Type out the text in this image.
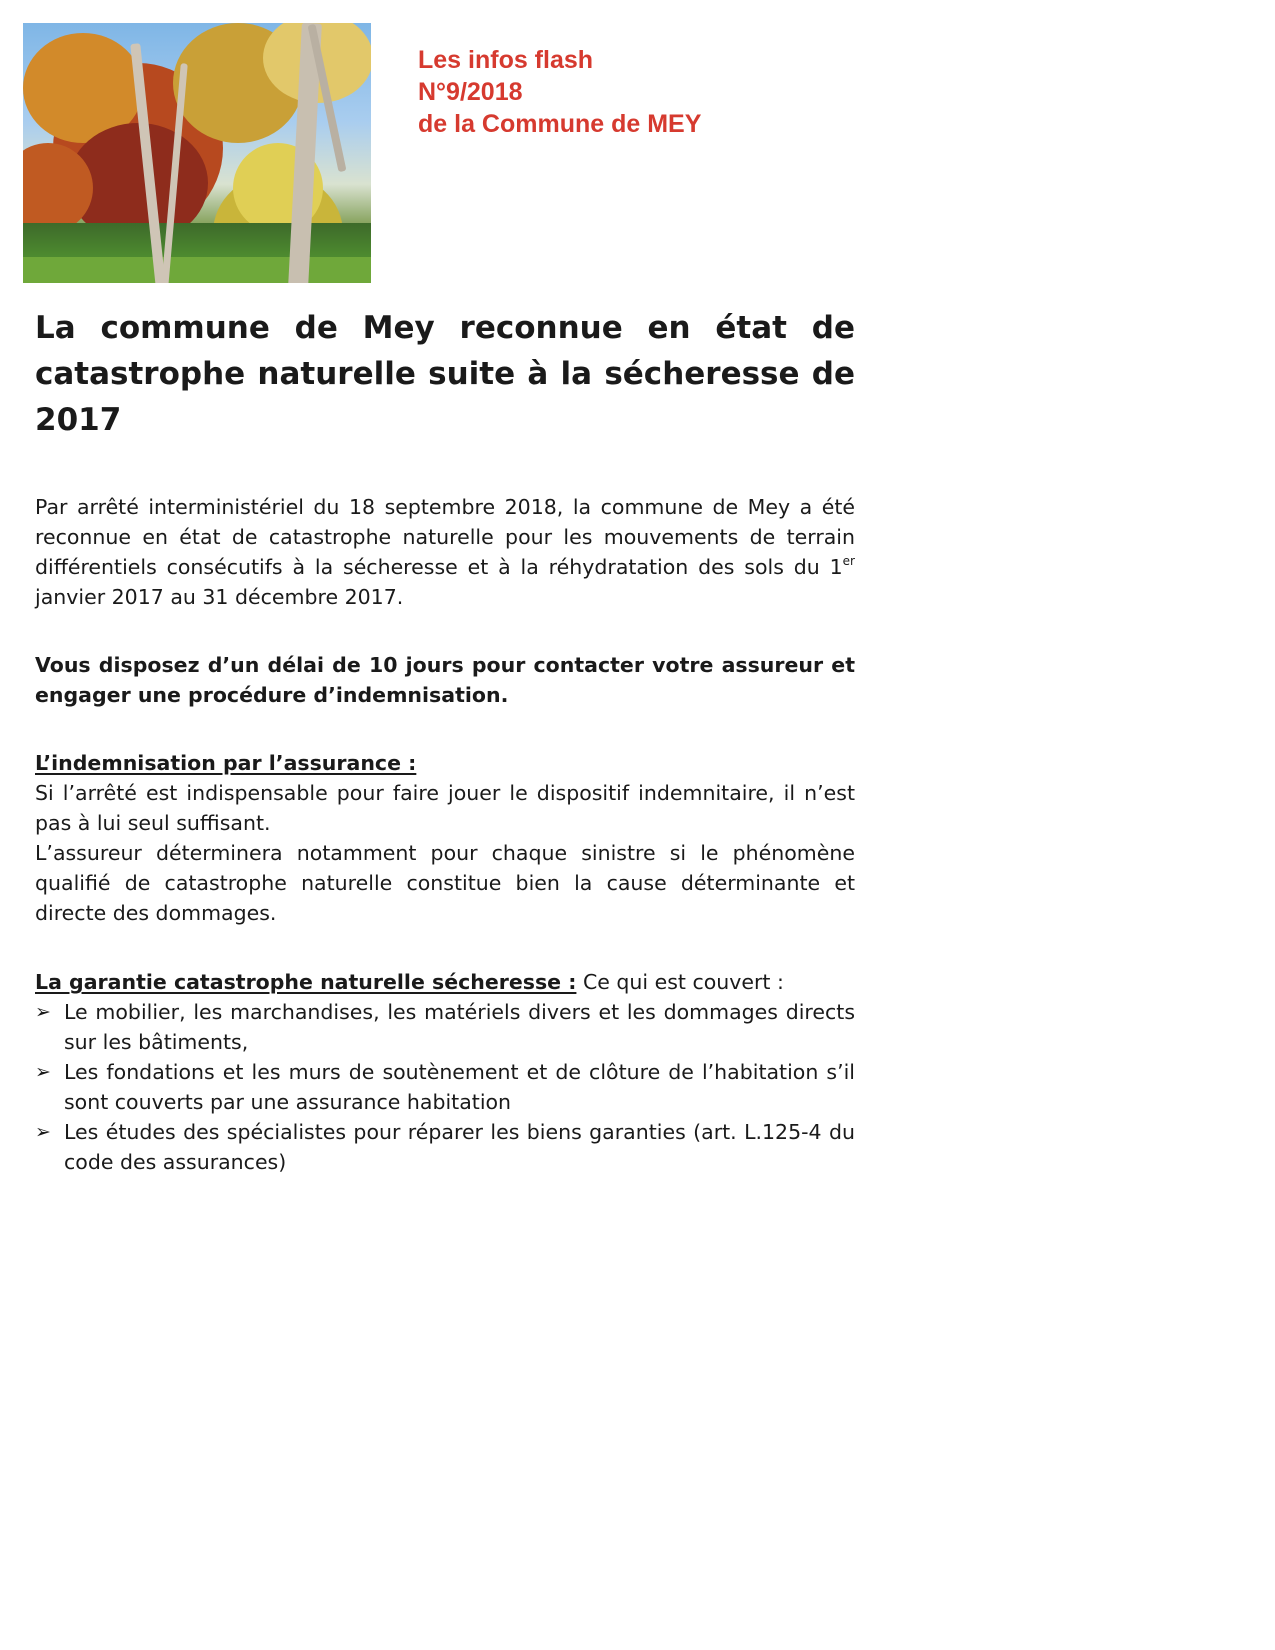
Les infos flash
N°9/2018
de la Commune de MEY
La commune de Mey reconnue en état de catastrophe naturelle suite à la sécheresse de 2017
Par arrêté interministériel du 18 septembre 2018, la commune de Mey a été reconnue en état de catastrophe naturelle pour les mouvements de terrain différentiels consécutifs à la sécheresse et à la réhydratation des sols du 1er janvier 2017 au 31 décembre 2017.
Vous disposez d’un délai de 10 jours pour contacter votre assureur et engager une procédure d’indemnisation.
L’indemnisation par l’assurance :
Si l’arrêté est indispensable pour faire jouer le dispositif indemnitaire, il n’est pas à lui seul suffisant.
L’assureur déterminera notamment pour chaque sinistre si le phénomène qualifié de catastrophe naturelle constitue bien la cause déterminante et directe des dommages.
La garantie catastrophe naturelle sécheresse : Ce qui est couvert :
➢ Le mobilier, les marchandises, les matériels divers et les dommages directs sur les bâtiments,
➢ Les fondations et les murs de soutènement et de clôture de l’habitation s’il sont couverts par une assurance habitation
➢ Les études des spécialistes pour réparer les biens garanties (art. L.125-4 du code des assurances)
